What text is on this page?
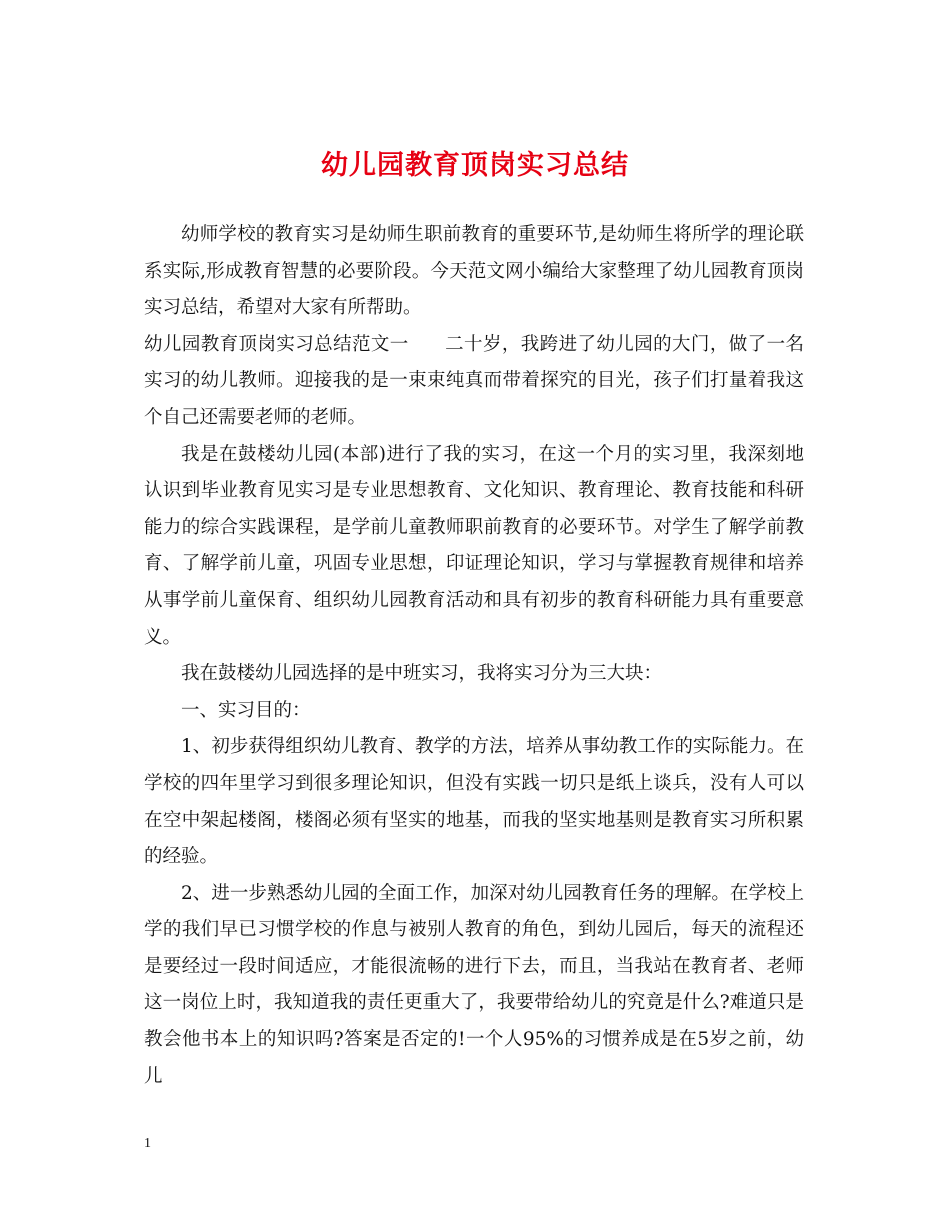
幼儿园教育顶岗实习总结

幼师学校的教育实习是幼师生职前教育的重要环节,是幼师生将所学的理论联系实际,形成教育智慧的必要阶段。今天范文网小编给大家整理了幼儿园教育顶岗实习总结，希望对大家有所帮助。

幼儿园教育顶岗实习总结范文一 二十岁，我跨进了幼儿园的大门，做了一名实习的幼儿教师。迎接我的是一束束纯真而带着探究的目光，孩子们打量着我这个自己还需要老师的老师。

我是在鼓楼幼儿园(本部)进行了我的实习，在这一个月的实习里，我深刻地认识到毕业教育见实习是专业思想教育、文化知识、教育理论、教育技能和科研能力的综合实践课程，是学前儿童教师职前教育的必要环节。对学生了解学前教育、了解学前儿童，巩固专业思想，印证理论知识，学习与掌握教育规律和培养从事学前儿童保育、组织幼儿园教育活动和具有初步的教育科研能力具有重要意义。

我在鼓楼幼儿园选择的是中班实习，我将实习分为三大块：

一、实习目的：

1、初步获得组织幼儿教育、教学的方法，培养从事幼教工作的实际能力。在学校的四年里学习到很多理论知识，但没有实践一切只是纸上谈兵，没有人可以在空中架起楼阁，楼阁必须有坚实的地基，而我的坚实地基则是教育实习所积累的经验。

2、进一步熟悉幼儿园的全面工作，加深对幼儿园教育任务的理解。在学校上学的我们早已习惯学校的作息与被别人教育的角色，到幼儿园后，每天的流程还是要经过一段时间适应，才能很流畅的进行下去，而且，当我站在教育者、老师这一岗位上时，我知道我的责任更重大了，我要带给幼儿的究竟是什么?难道只是教会他书本上的知识吗?答案是否定的!一个人95%的习惯养成是在5岁之前，幼儿

1
